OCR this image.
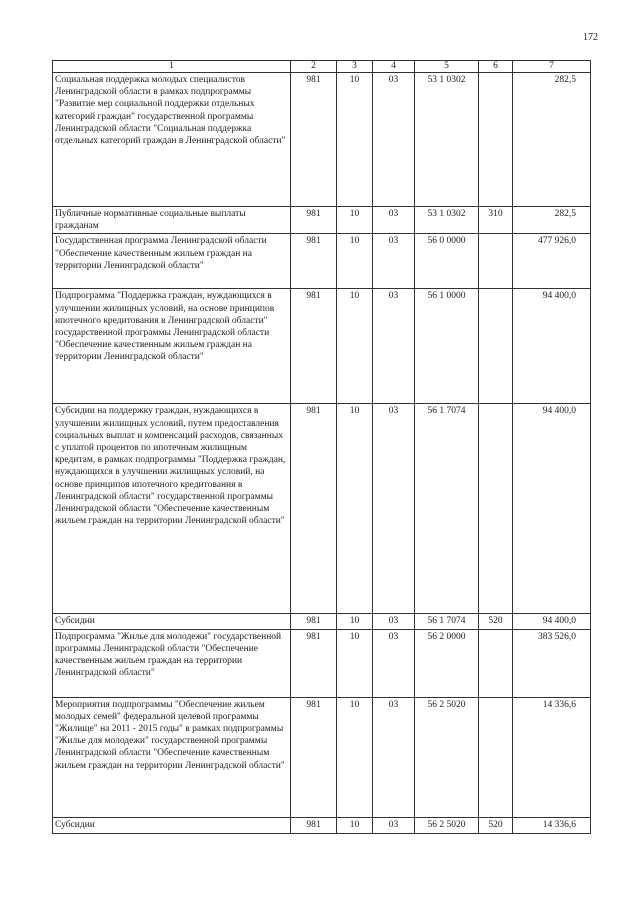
172
1	2	3	4	5	6	7
Социальная поддержка молодых специалистов Ленинградской области в рамках подпрограммы "Развитие мер социальной поддержки отдельных категорий граждан" государственной программы Ленинградской области "Социальная поддержка отдельных категорий граждан в Ленинградской области"	981	10	03	53 1 0302		282,5
Публичные нормативные социальные выплаты гражданам	981	10	03	53 1 0302	310	282,5
Государственная программа Ленинградской области "Обеспечение качественным жильем граждан на территории Ленинградской области"	981	10	03	56 0 0000		477 926,0
Подпрограмма "Поддержка граждан, нуждающихся в улучшении жилищных условий, на основе принципов ипотечного кредитования в Ленинградской области" государственной программы Ленинградской области "Обеспечение качественным жильем граждан на территории Ленинградской области"	981	10	03	56 1 0000		94 400,0
Субсидии на поддержку граждан, нуждающихся в улучшении жилищных условий, путем предоставления социальных выплат и компенсаций расходов, связанных с уплатой процентов по ипотечным жилищным кредитам, в рамках подпрограммы "Поддержка граждан, нуждающихся в улучшении жилищных условий, на основе принципов ипотечного кредитования в Ленинградской области" государственной программы Ленинградской области "Обеспечение качественным жильем граждан на территории Ленинградской области"	981	10	03	56 1 7074		94 400,0
Субсидии	981	10	03	56 1 7074	520	94 400,0
Подпрограмма "Жилье для молодежи" государственной программы Ленинградской области "Обеспечение качественным жильем граждан на территории Ленинградской области"	981	10	03	56 2 0000		383 526,0
Мероприятия подпрограммы "Обеспечение жильем молодых семей" федеральной целевой программы "Жилище" на 2011 - 2015 годы" в рамках подпрограммы "Жилье для молодежи" государственной программы Ленинградской области "Обеспечение качественным жильем граждан на территории Ленинградской области"	981	10	03	56 2 5020		14 336,6
Субсидии	981	10	03	56 2 5020	520	14 336,6
